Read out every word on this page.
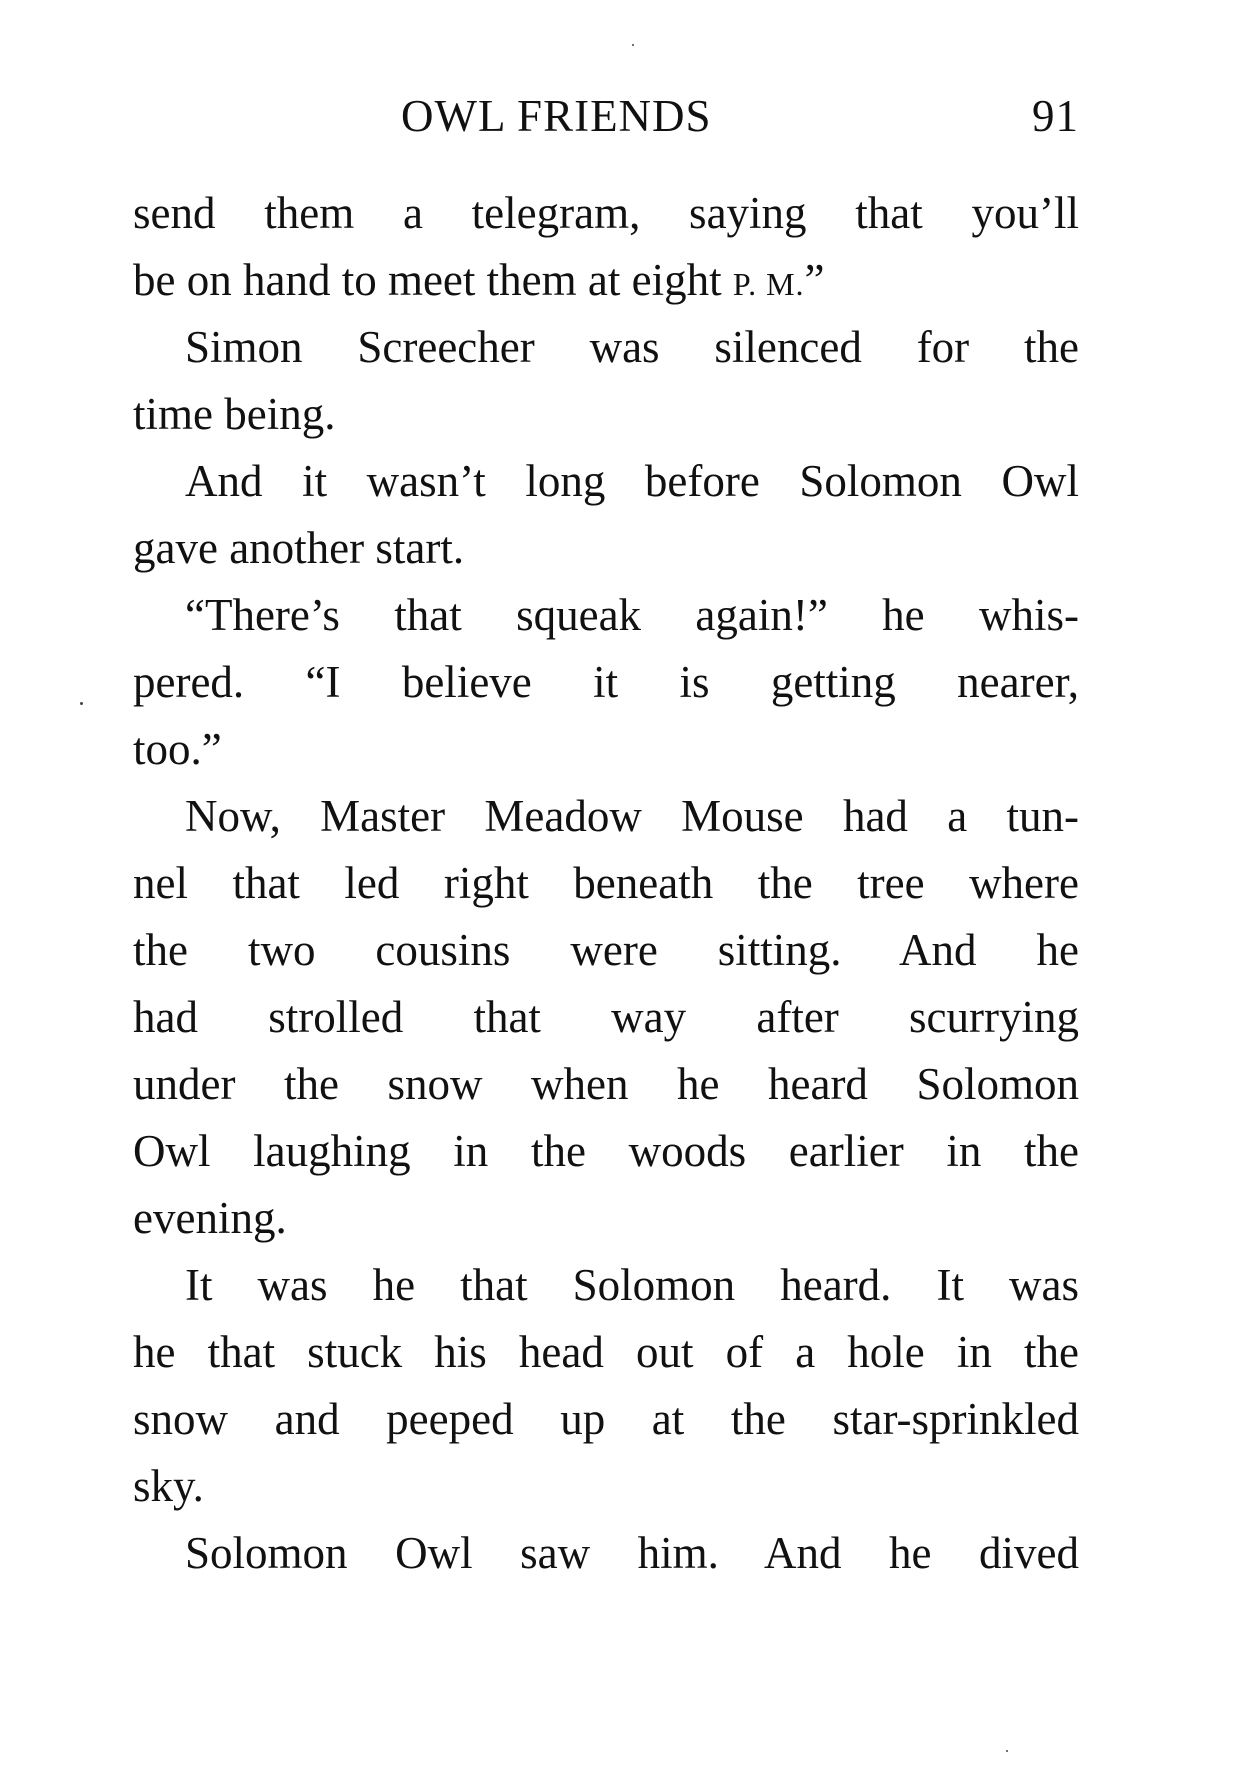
OWL FRIENDS	91
send them a telegram, saying that you’ll
be on hand to meet them at eight P. M.”
Simon Screecher was silenced for the
time being.
And it wasn’t long before Solomon Owl
gave another start.
“There’s that squeak again!” he whis-
pered. “I believe it is getting nearer,
too.”
Now, Master Meadow Mouse had a tun-
nel that led right beneath the tree where
the two cousins were sitting. And he
had strolled that way after scurrying
under the snow when he heard Solomon
Owl laughing in the woods earlier in the
evening.
It was he that Solomon heard. It was
he that stuck his head out of a hole in the
snow and peeped up at the star-sprinkled
sky.
Solomon Owl saw him. And he dived
